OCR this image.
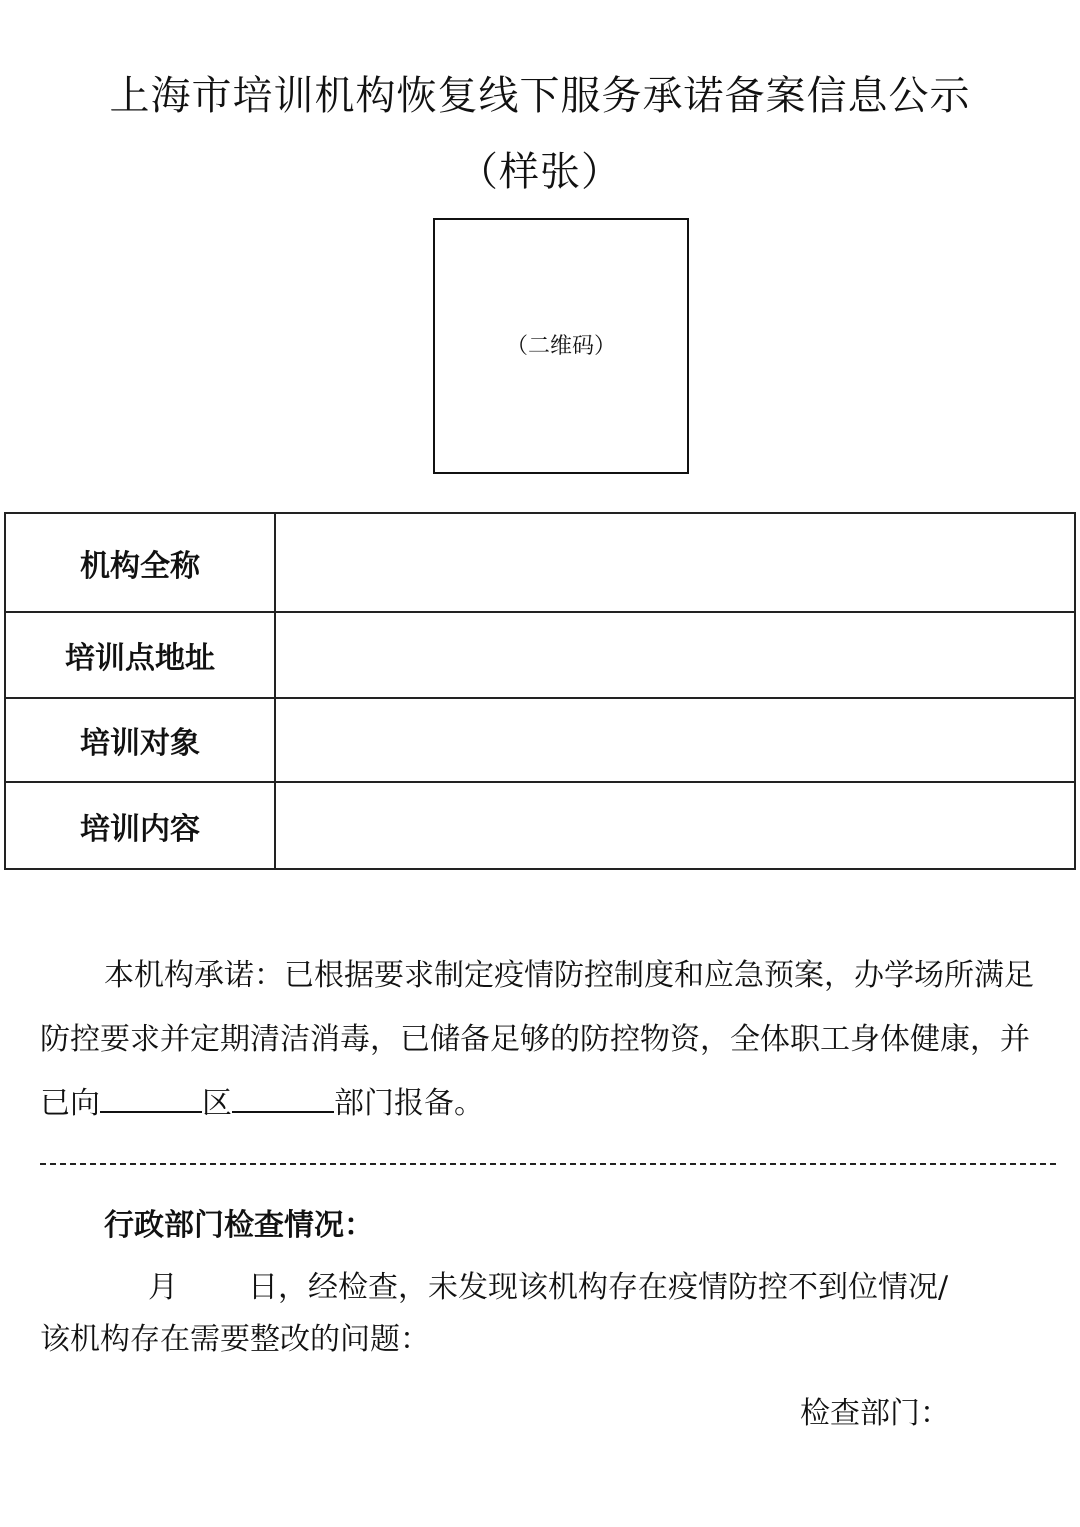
上海市培训机构恢复线下服务承诺备案信息公示
（样张）
（二维码）
机构全称	
培训点地址	
培训对象	
培训内容	
本机构承诺：已根据要求制定疫情防控制度和应急预案，办学场所满足防控要求并定期清洁消毒，已储备足够的防控物资，全体职工身体健康，并已向	区	部门报备。
行政部门检查情况：
月 日，经检查，未发现该机构存在疫情防控不到位情况/
该机构存在需要整改的问题：
检查部门：
